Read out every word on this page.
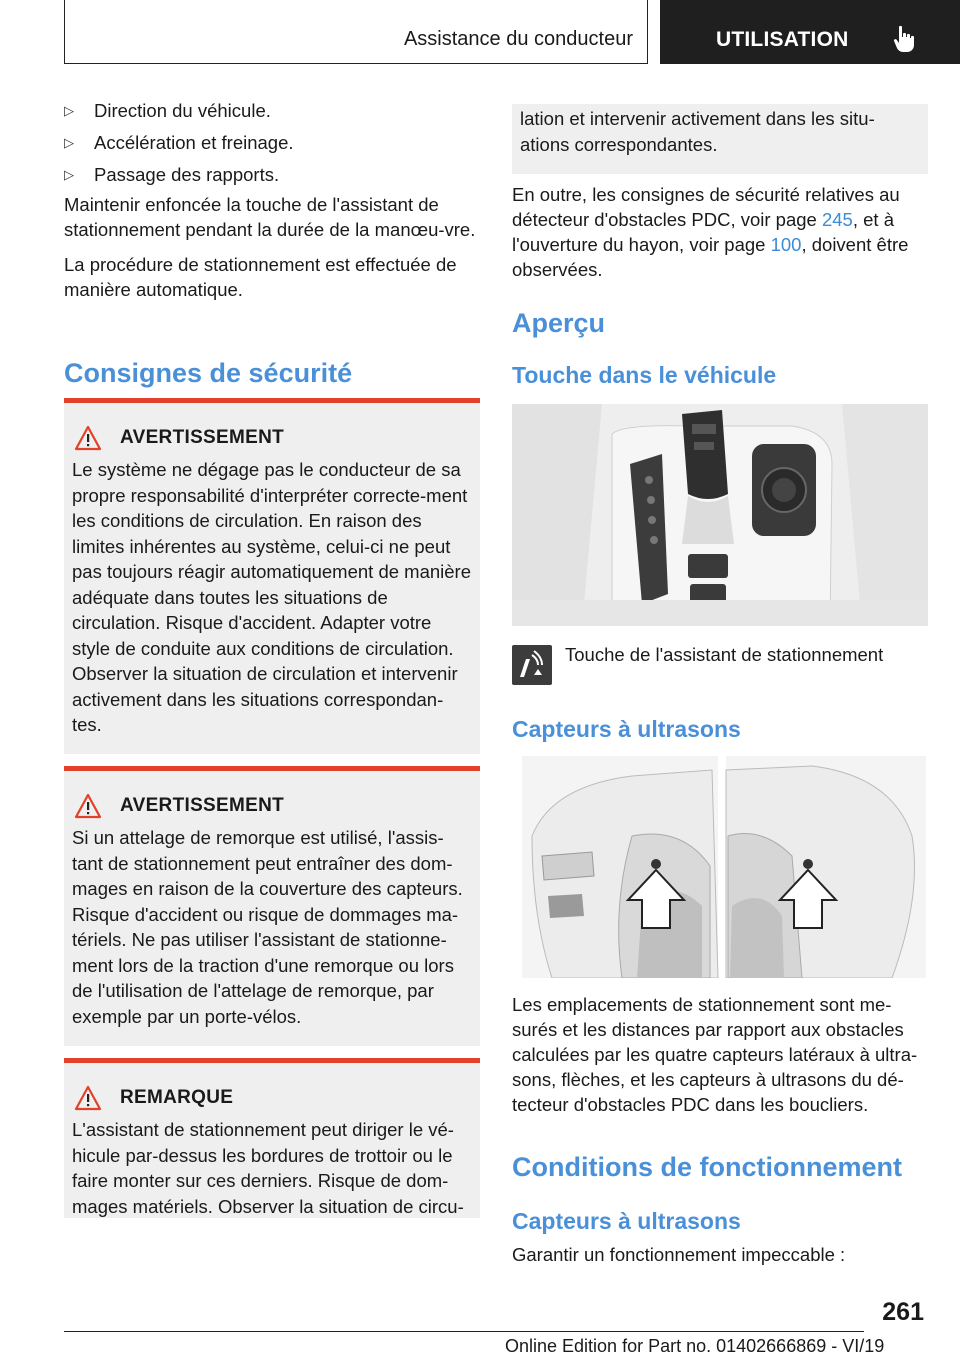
Assistance du conducteur	UTILISATION
▷	Direction du véhicule.
▷	Accélération et freinage.
▷	Passage des rapports.

Maintenir enfoncée la touche de l'assistant de stationnement pendant la durée de la manœu-vre.

La procédure de stationnement est effectuée de manière automatique.

Consignes de sécurité
AVERTISSEMENT
Le système ne dégage pas le conducteur de sa propre responsabilité d'interpréter correcte-ment les conditions de circulation. En raison des limites inhérentes au système, celui-ci ne peut pas toujours réagir automatiquement de manière adéquate dans toutes les situations de circulation. Risque d'accident. Adapter votre style de conduite aux conditions de circulation. Observer la situation de circulation et intervenir activement dans les situations correspondan-tes.
AVERTISSEMENT
Si un attelage de remorque est utilisé, l'assis-tant de stationnement peut entraîner des dom-mages en raison de la couverture des capteurs. Risque d'accident ou risque de dommages ma-tériels. Ne pas utiliser l'assistant de stationne-ment lors de la traction d'une remorque ou lors de l'utilisation de l'attelage de remorque, par exemple par un porte-vélos.
REMARQUE
L'assistant de stationnement peut diriger le vé-hicule par-dessus les bordures de trottoir ou le faire monter sur ces derniers. Risque de dom-mages matériels. Observer la situation de circu-
lation et intervenir activement dans les situ-ations correspondantes.

En outre, les consignes de sécurité relatives au détecteur d'obstacles PDC, voir page 245, et à l'ouverture du hayon, voir page 100, doivent être observées.

Aperçu
Touche dans le véhicule
Touche de l'assistant de stationnement
Capteurs à ultrasons

Les emplacements de stationnement sont me-surés et les distances par rapport aux obstacles calculées par les quatre capteurs latéraux à ultra-sons, flèches, et les capteurs à ultrasons du dé-tecteur d'obstacles PDC dans les boucliers.

Conditions de fonctionnement
Capteurs à ultrasons

Garantir un fonctionnement impeccable :

261
Online Edition for Part no. 01402666869 - VI/19
